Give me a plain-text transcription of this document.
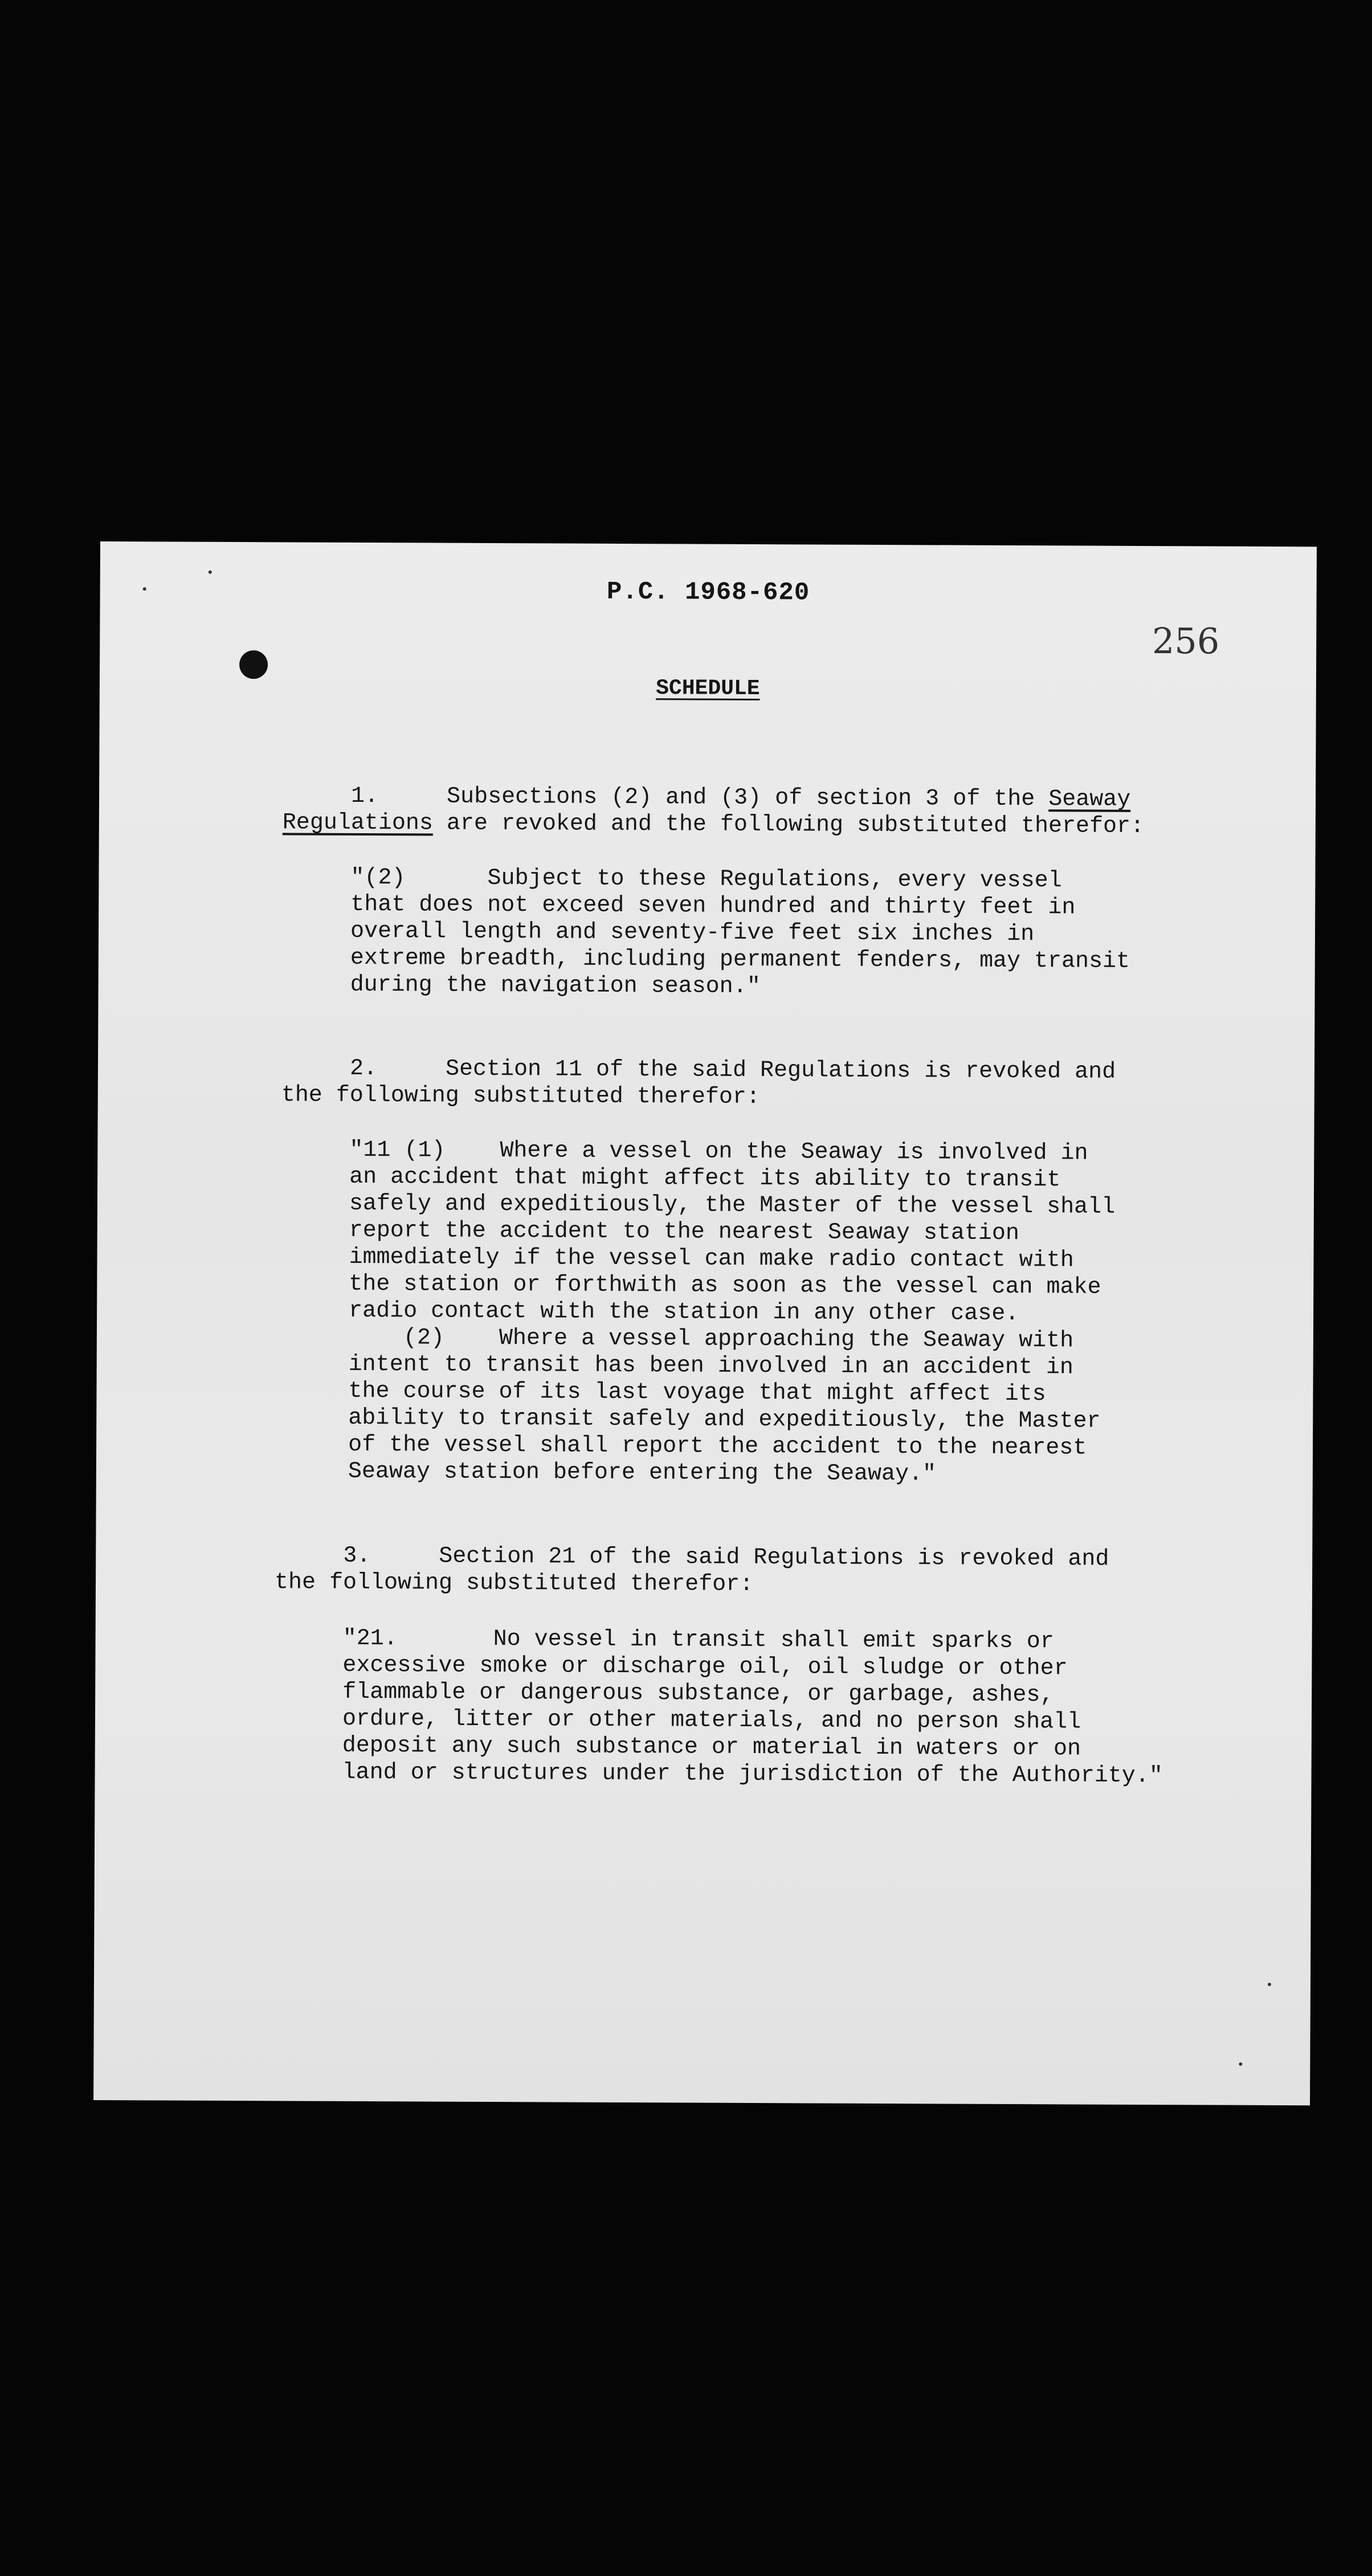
P.C. 1968-620
256
SCHEDULE
1.     Subsections (2) and (3) of section 3 of the Seaway
Regulations are revoked and the following substituted therefor:
"(2)      Subject to these Regulations, every vessel
that does not exceed seven hundred and thirty feet in
overall length and seventy-five feet six inches in
extreme breadth, including permanent fenders, may transit
during the navigation season."
2.     Section 11 of the said Regulations is revoked and
the following substituted therefor:
"11 (1)    Where a vessel on the Seaway is involved in
an accident that might affect its ability to transit
safely and expeditiously, the Master of the vessel shall
report the accident to the nearest Seaway station
immediately if the vessel can make radio contact with
the station or forthwith as soon as the vessel can make
radio contact with the station in any other case.
(2)    Where a vessel approaching the Seaway with
intent to transit has been involved in an accident in
the course of its last voyage that might affect its
ability to transit safely and expeditiously, the Master
of the vessel shall report the accident to the nearest
Seaway station before entering the Seaway."
3.     Section 21 of the said Regulations is revoked and
the following substituted therefor:
"21.       No vessel in transit shall emit sparks or
excessive smoke or discharge oil, oil sludge or other
flammable or dangerous substance, or garbage, ashes,
ordure, litter or other materials, and no person shall
deposit any such substance or material in waters or on
land or structures under the jurisdiction of the Authority."
